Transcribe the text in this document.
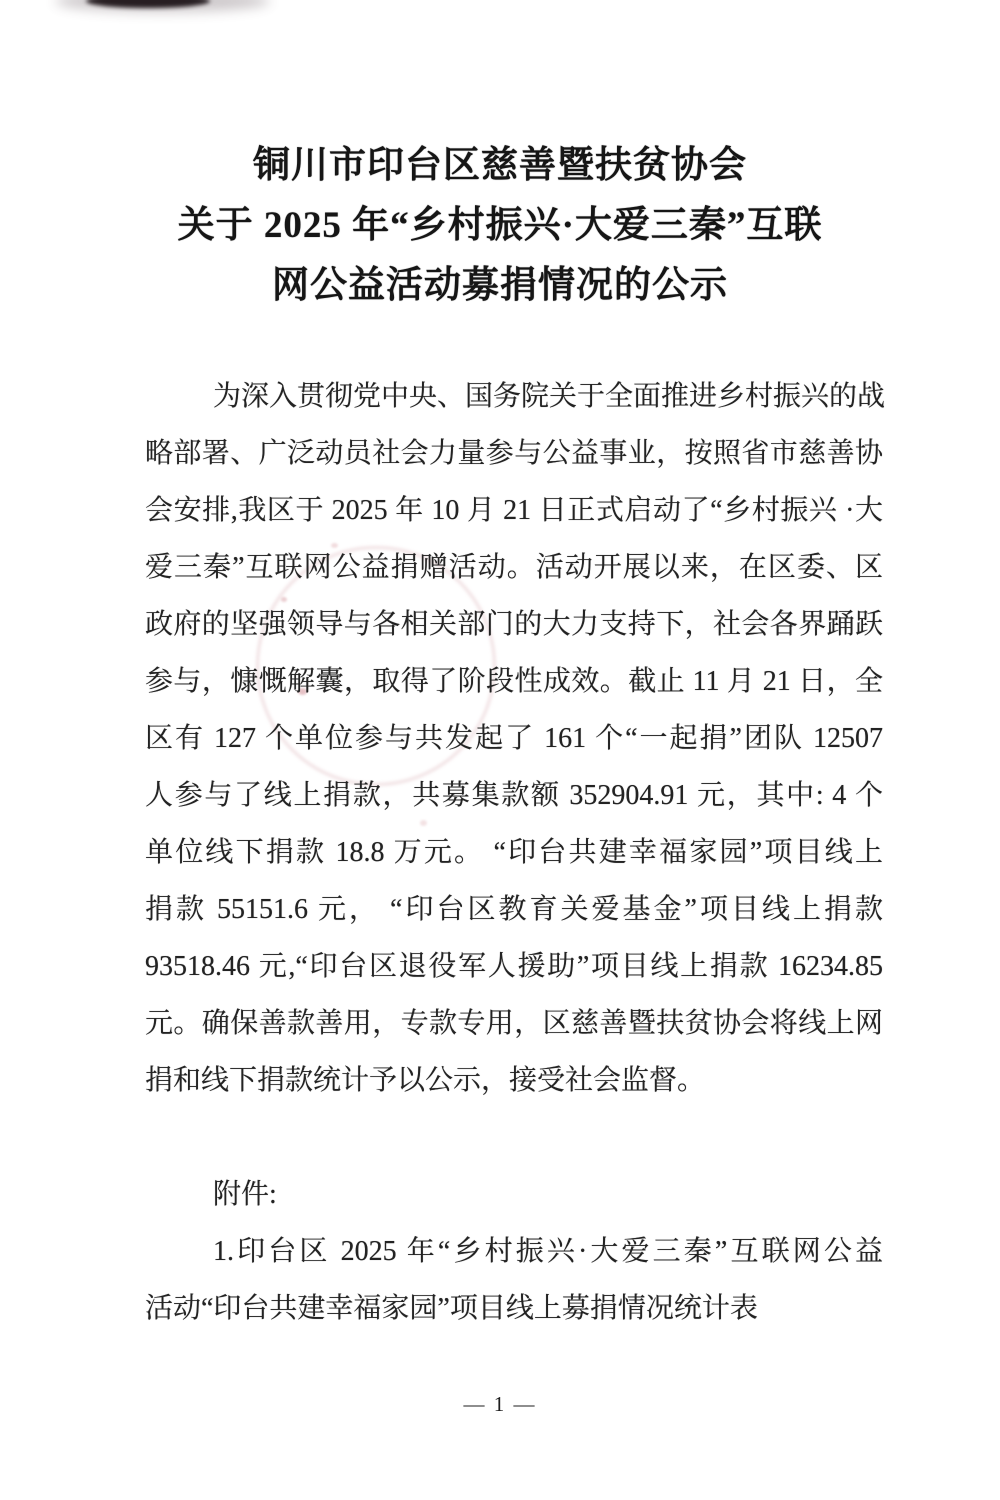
铜川市印台区慈善暨扶贫协会
关于 2025 年“乡村振兴·大爱三秦”互联
网公益活动募捐情况的公示

为深入贯彻党中央、国务院关于全面推进乡村振兴的战

略部署、广泛动员社会力量参与公益事业，按照省市慈善协

会安排,我区于 2025 年 10 月 21 日正式启动了“乡村振兴 ·大

爱三秦”互联网公益捐赠活动。活动开展以来，在区委、区

政府的坚强领导与各相关部门的大力支持下，社会各界踊跃

参与，慷慨解囊，取得了阶段性成效。截止 11 月 21 日，全

区有 127 个单位参与共发起了 161 个“一起捐”团队 12507

人参与了线上捐款，共募集款额 352904.91 元，其中: 4 个

单位线下捐款 18.8 万元。 “印台共建幸福家园”项目线上

捐款 55151.6 元， “印台区教育关爱基金”项目线上捐款

93518.46 元,“印台区退役军人援助”项目线上捐款 16234.85

元。确保善款善用，专款专用，区慈善暨扶贫协会将线上网

捐和线下捐款统计予以公示，接受社会监督。

附件:

1.印台区 2025 年“乡村振兴·大爱三秦”互联网公益

活动“印台共建幸福家园”项目线上募捐情况统计表

— 1 —
